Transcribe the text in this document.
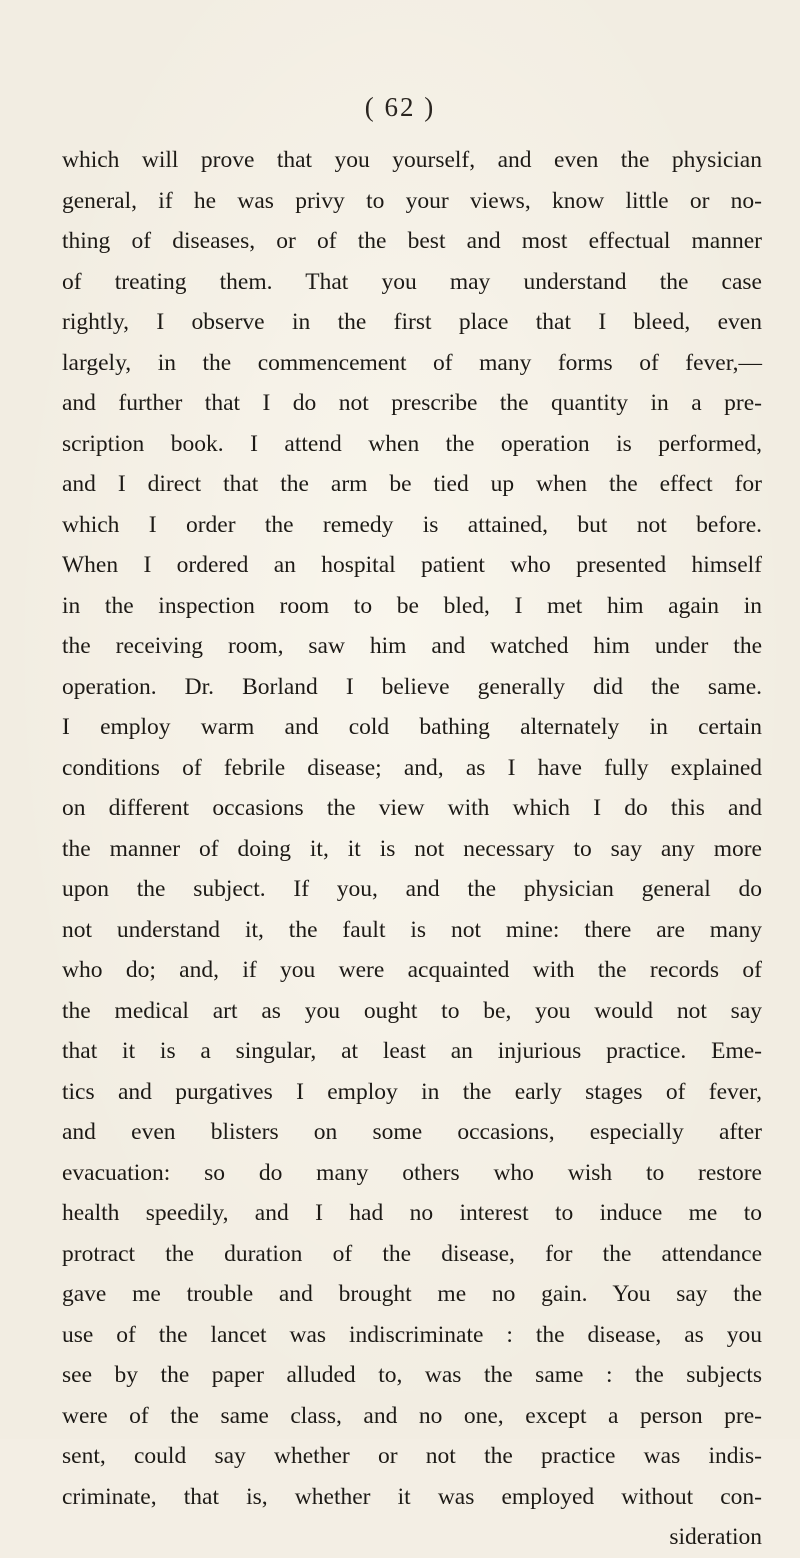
( 62 )
which will prove that you yourself, and even the physician
general, if he was privy to your views, know little or no-
thing of diseases, or of the best and most effectual manner
of treating them. That you may understand the case
rightly, I observe in the first place that I bleed, even
largely, in the commencement of many forms of fever,—
and further that I do not prescribe the quantity in a pre-
scription book. I attend when the operation is performed,
and I direct that the arm be tied up when the effect for
which I order the remedy is attained, but not before.
When I ordered an hospital patient who presented himself
in the inspection room to be bled, I met him again in
the receiving room, saw him and watched him under the
operation. Dr. Borland I believe generally did the same.
I employ warm and cold bathing alternately in certain
conditions of febrile disease; and, as I have fully explained
on different occasions the view with which I do this and
the manner of doing it, it is not necessary to say any more
upon the subject. If you, and the physician general do
not understand it, the fault is not mine: there are many
who do; and, if you were acquainted with the records of
the medical art as you ought to be, you would not say
that it is a singular, at least an injurious practice. Eme-
tics and purgatives I employ in the early stages of fever,
and even blisters on some occasions, especially after
evacuation: so do many others who wish to restore
health speedily, and I had no interest to induce me to
protract the duration of the disease, for the attendance
gave me trouble and brought me no gain. You say the
use of the lancet was indiscriminate : the disease, as you
see by the paper alluded to, was the same : the subjects
were of the same class, and no one, except a person pre-
sent, could say whether or not the practice was indis-
criminate, that is, whether it was employed without con-
sideration
